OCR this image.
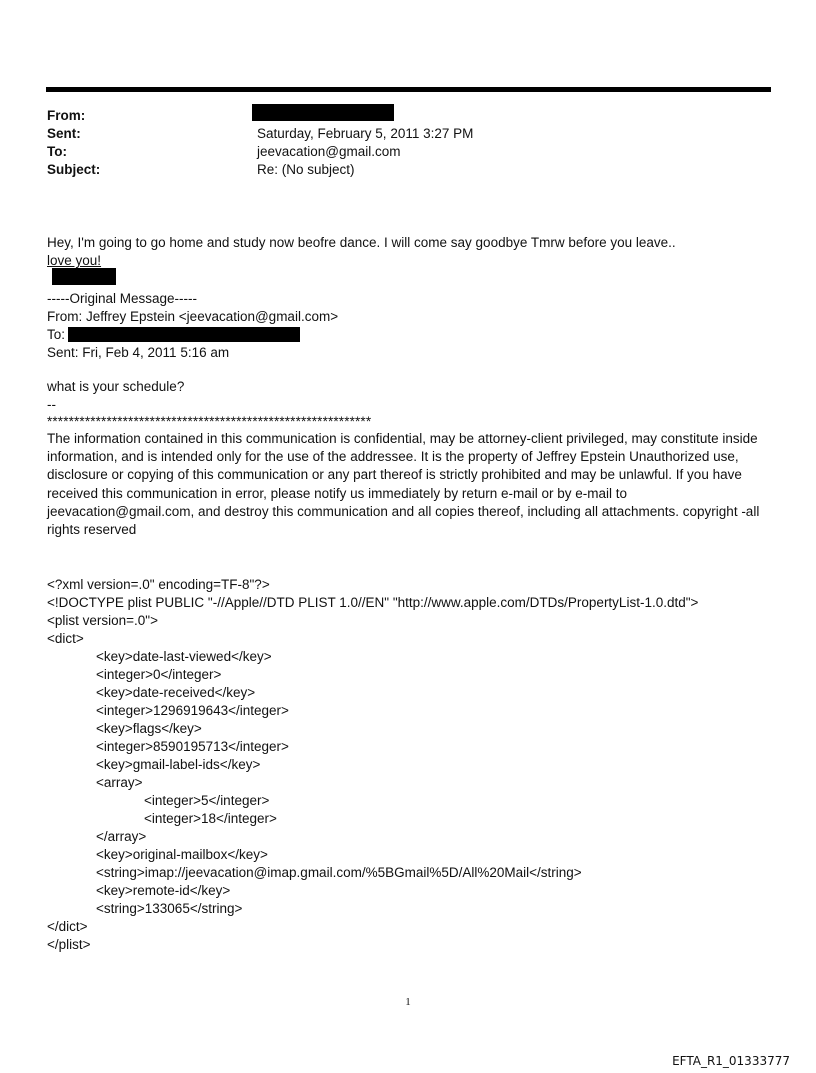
From:
Sent:	Saturday, February 5, 2011 3:27 PM
To:	jeevacation@gmail.com
Subject:	Re: (No subject)
Hey, I'm going to go home and study now beofre dance. I will come say goodbye Tmrw before you leave..
love you!
-----Original Message-----
From: Jeffrey Epstein <jeevacation@gmail.com>
To:
Sent: Fri, Feb 4, 2011 5:16 am
what is your schedule?
--
************************************************************
The information contained in this communication is confidential, may be attorney-client privileged, may constitute inside information, and is intended only for the use of the addressee. It is the property of Jeffrey Epstein Unauthorized use, disclosure or copying of this communication or any part thereof is strictly prohibited and may be unlawful. If you have received this communication in error, please notify us immediately by return e-mail or by e-mail to jeevacation@gmail.com, and destroy this communication and all copies thereof, including all attachments. copyright -all rights reserved
<?xml version=.0" encoding=TF-8"?>
<!DOCTYPE plist PUBLIC "-//Apple//DTD PLIST 1.0//EN" "http://www.apple.com/DTDs/PropertyList-1.0.dtd">
<plist version=.0">
<dict>
<key>date-last-viewed</key>
<integer>0</integer>
<key>date-received</key>
<integer>1296919643</integer>
<key>flags</key>
<integer>8590195713</integer>
<key>gmail-label-ids</key>
<array>
<integer>5</integer>
<integer>18</integer>
</array>
<key>original-mailbox</key>
<string>imap://jeevacation@imap.gmail.com/%5BGmail%5D/All%20Mail</string>
<key>remote-id</key>
<string>133065</string>
</dict>
</plist>
1
EFTA_R1_01333777
